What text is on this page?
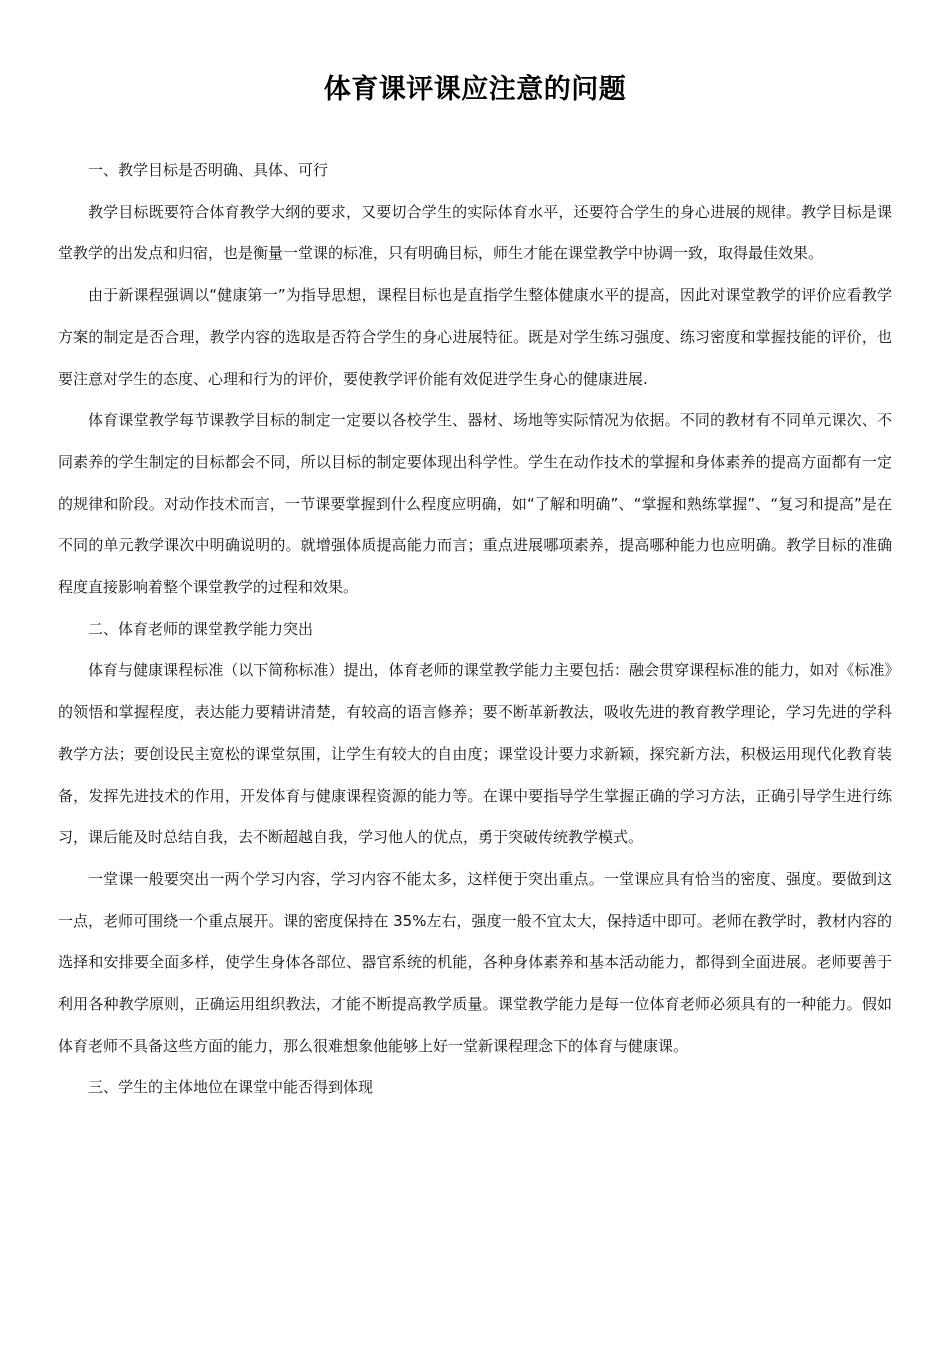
体育课评课应注意的问题

一、教学目标是否明确、具体、可行

教学目标既要符合体育教学大纲的要求，又要切合学生的实际体育水平，还要符合学生的身心进展的规律。教学目标是课堂教学的出发点和归宿，也是衡量一堂课的标准，只有明确目标，师生才能在课堂教学中协调一致，取得最佳效果。

由于新课程强调以“健康第一”为指导思想，课程目标也是直指学生整体健康水平的提高，因此对课堂教学的评价应看教学方案的制定是否合理，教学内容的选取是否符合学生的身心进展特征。既是对学生练习强度、练习密度和掌握技能的评价，也要注意对学生的态度、心理和行为的评价，要使教学评价能有效促进学生身心的健康进展.

体育课堂教学每节课教学目标的制定一定要以各校学生、器材、场地等实际情况为依据。不同的教材有不同单元课次、不同素养的学生制定的目标都会不同，所以目标的制定要体现出科学性。学生在动作技术的掌握和身体素养的提高方面都有一定的规律和阶段。对动作技术而言，一节课要掌握到什么程度应明确，如“了解和明确”、“掌握和熟练掌握”、“复习和提高”是在不同的单元教学课次中明确说明的。就增强体质提高能力而言；重点进展哪项素养，提高哪种能力也应明确。教学目标的准确程度直接影响着整个课堂教学的过程和效果。

二、体育老师的课堂教学能力突出

体育与健康课程标准（以下简称标准）提出，体育老师的课堂教学能力主要包括：融会贯穿课程标准的能力，如对《标准》的领悟和掌握程度，表达能力要精讲清楚，有较高的语言修养；要不断革新教法，吸收先进的教育教学理论，学习先进的学科教学方法；要创设民主宽松的课堂氛围，让学生有较大的自由度；课堂设计要力求新颖，探究新方法，积极运用现代化教育装备，发挥先进技术的作用，开发体育与健康课程资源的能力等。在课中要指导学生掌握正确的学习方法，正确引导学生进行练习，课后能及时总结自我，去不断超越自我，学习他人的优点，勇于突破传统教学模式。

一堂课一般要突出一两个学习内容，学习内容不能太多，这样便于突出重点。一堂课应具有恰当的密度、强度。要做到这一点，老师可围绕一个重点展开。课的密度保持在 35%左右，强度一般不宜太大，保持适中即可。老师在教学时，教材内容的选择和安排要全面多样，使学生身体各部位、器官系统的机能，各种身体素养和基本活动能力，都得到全面进展。老师要善于利用各种教学原则，正确运用组织教法，才能不断提高教学质量。课堂教学能力是每一位体育老师必须具有的一种能力。假如体育老师不具备这些方面的能力，那么很难想象他能够上好一堂新课程理念下的体育与健康课。

三、学生的主体地位在课堂中能否得到体现
